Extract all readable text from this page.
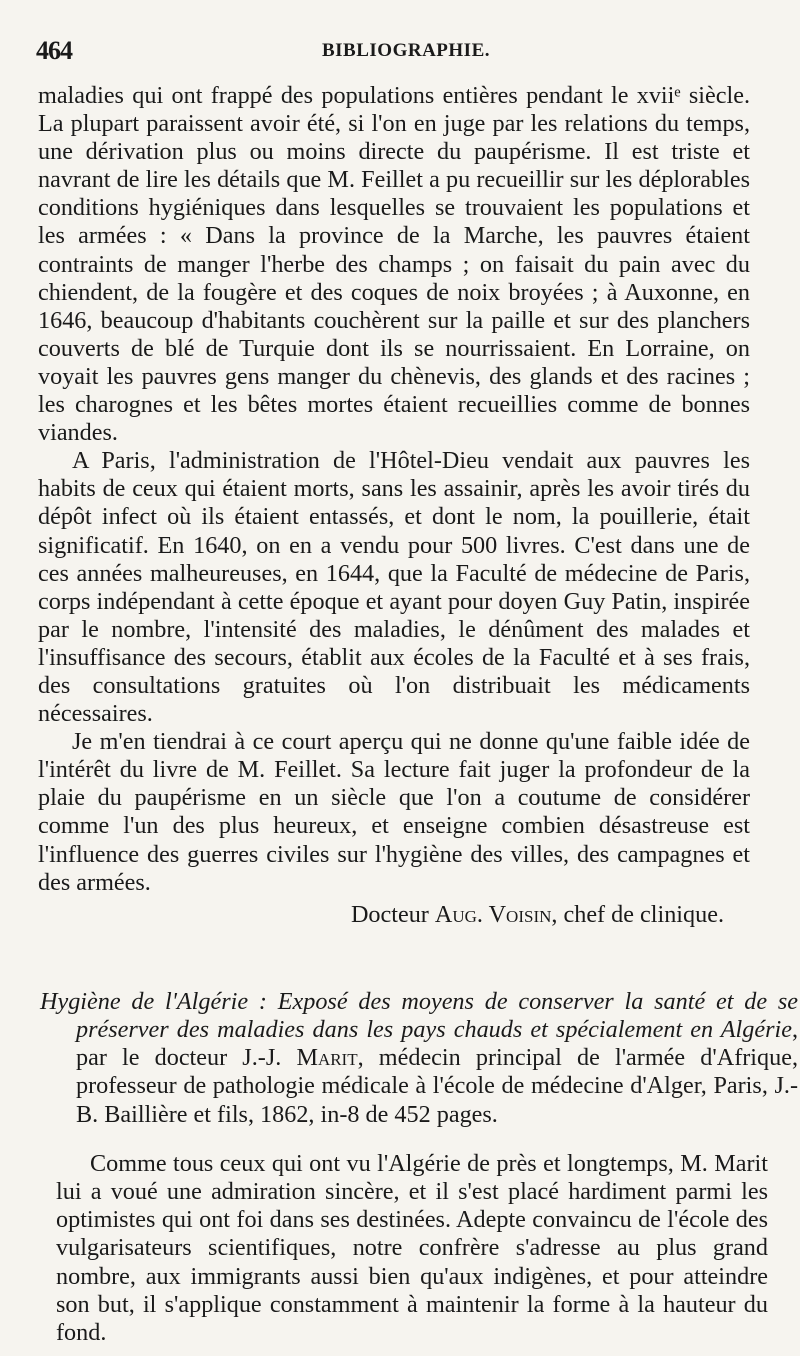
464	BIBLIOGRAPHIE.

maladies qui ont frappé des populations entières pendant le xviiᵉ siècle. La plupart paraissent avoir été, si l'on en juge par les relations du temps, une dérivation plus ou moins directe du paupérisme. Il est triste et navrant de lire les détails que M. Feillet a pu recueillir sur les déplorables conditions hygiéniques dans lesquelles se trouvaient les populations et les armées : « Dans la province de la Marche, les pauvres étaient contraints de manger l'herbe des champs ; on faisait du pain avec du chiendent, de la fougère et des coques de noix broyées ; à Auxonne, en 1646, beaucoup d'habitants couchèrent sur la paille et sur des planchers couverts de blé de Turquie dont ils se nourrissaient. En Lorraine, on voyait les pauvres gens manger du chènevis, des glands et des racines ; les charognes et les bêtes mortes étaient recueillies comme de bonnes viandes.

A Paris, l'administration de l'Hôtel-Dieu vendait aux pauvres les habits de ceux qui étaient morts, sans les assainir, après les avoir tirés du dépôt infect où ils étaient entassés, et dont le nom, la pouillerie, était significatif. En 1640, on en a vendu pour 500 livres. C'est dans une de ces années malheureuses, en 1644, que la Faculté de médecine de Paris, corps indépendant à cette époque et ayant pour doyen Guy Patin, inspirée par le nombre, l'intensité des maladies, le dénûment des malades et l'insuffisance des secours, établit aux écoles de la Faculté et à ses frais, des consultations gratuites où l'on distribuait les médicaments nécessaires.

Je m'en tiendrai à ce court aperçu qui ne donne qu'une faible idée de l'intérêt du livre de M. Feillet. Sa lecture fait juger la profondeur de la plaie du paupérisme en un siècle que l'on a coutume de considérer comme l'un des plus heureux, et enseigne combien désastreuse est l'influence des guerres civiles sur l'hygiène des villes, des campagnes et des armées.

Docteur Aug. Voisin, chef de clinique.

Hygiène de l'Algérie : Exposé des moyens de conserver la santé et de se préserver des maladies dans les pays chauds et spécialement en Algérie, par le docteur J.-J. Marit, médecin principal de l'armée d'Afrique, professeur de pathologie médicale à l'école de médecine d'Alger, Paris, J.-B. Baillière et fils, 1862, in-8 de 452 pages.

Comme tous ceux qui ont vu l'Algérie de près et longtemps, M. Marit lui a voué une admiration sincère, et il s'est placé hardiment parmi les optimistes qui ont foi dans ses destinées. Adepte convaincu de l'école des vulgarisateurs scientifiques, notre confrère s'adresse au plus grand nombre, aux immigrants aussi bien qu'aux indigènes, et pour atteindre son but, il s'applique constamment à maintenir la forme à la hauteur du fond.
